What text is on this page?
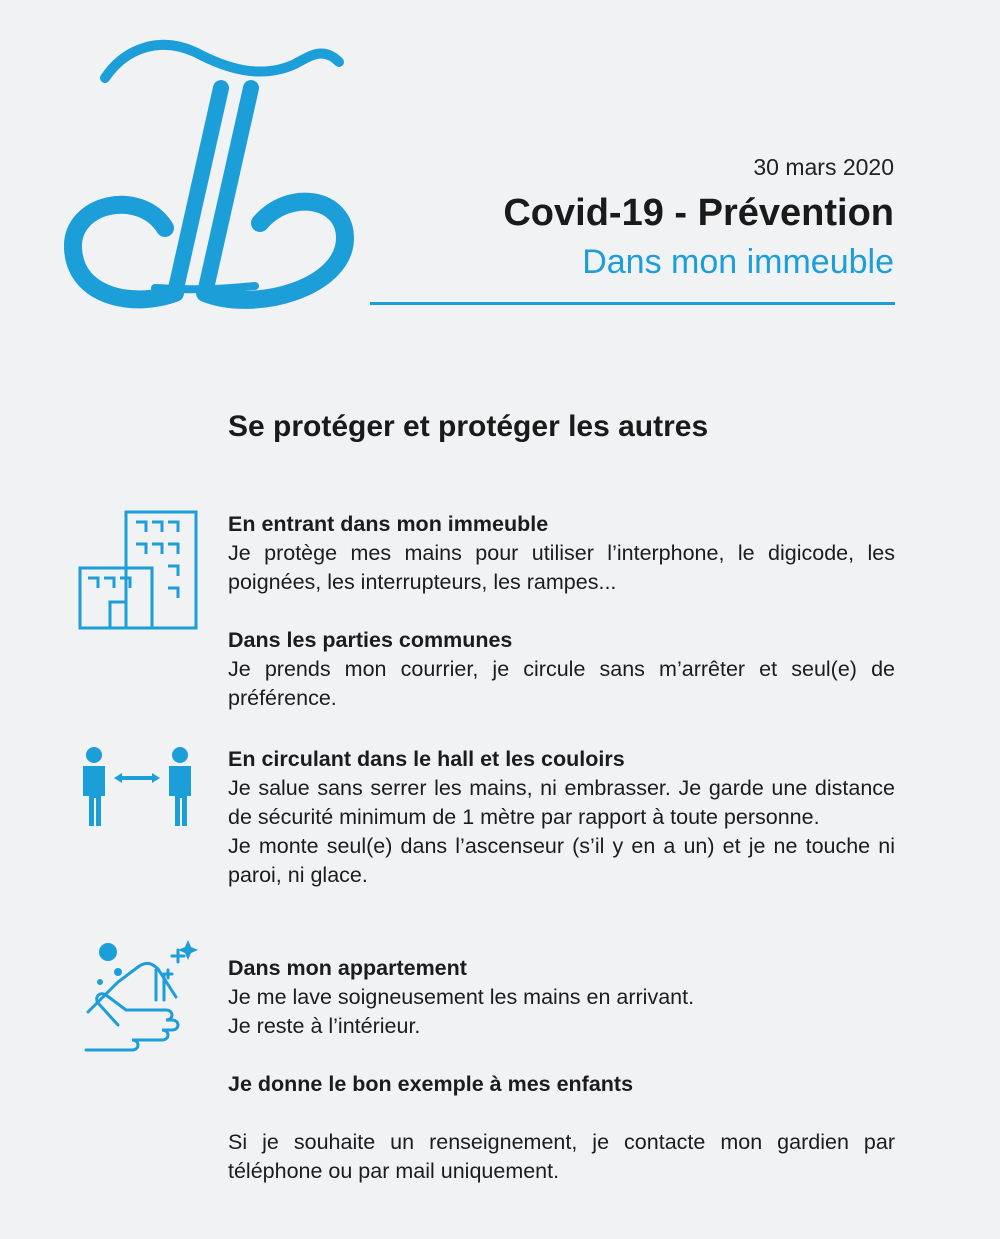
30 mars 2020
Covid-19 - Prévention
Dans mon immeuble
Se protéger et protéger les autres
En entrant dans mon immeuble
Je protège mes mains pour utiliser l’interphone, le digicode, les poignées, les interrupteurs, les rampes...
Dans les parties communes
Je prends mon courrier, je circule sans m’arrêter et seul(e) de préférence.
En circulant dans le hall et les couloirs
Je salue sans serrer les mains, ni embrasser. Je garde une distance de sécurité minimum de 1 mètre par rapport à toute personne.
Je monte seul(e) dans l’ascenseur (s’il y en a un) et je ne touche ni paroi, ni glace.
Dans mon appartement
Je me lave soigneusement les mains en arrivant.
Je reste à l’intérieur.
Je donne le bon exemple à mes enfants
Si je souhaite un renseignement, je contacte mon gardien par téléphone ou par mail uniquement.
